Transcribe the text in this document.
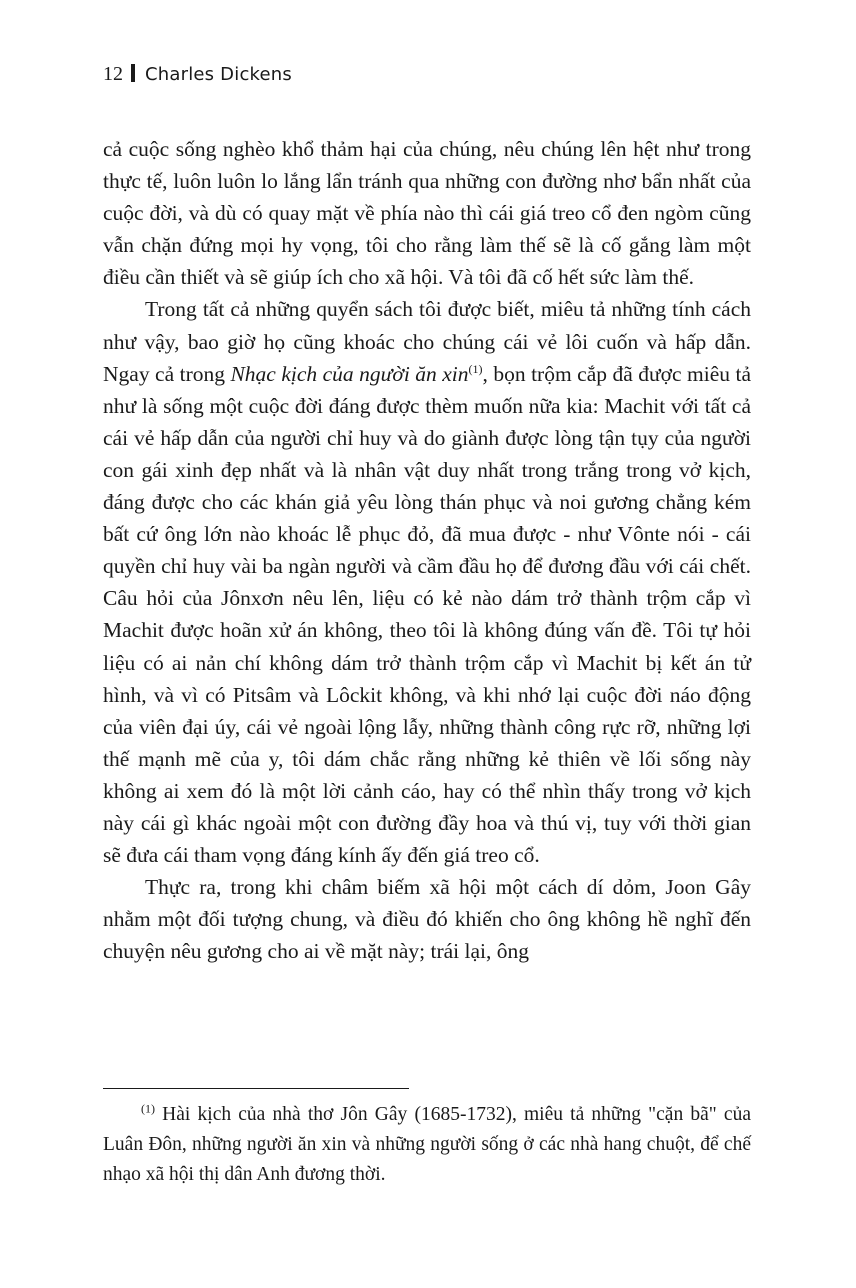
12 Charles Dickens

cả cuộc sống nghèo khổ thảm hại của chúng, nêu chúng lên hệt như trong thực tế, luôn luôn lo lắng lẩn tránh qua những con đường nhơ bẩn nhất của cuộc đời, và dù có quay mặt về phía nào thì cái giá treo cổ đen ngòm cũng vẫn chặn đứng mọi hy vọng, tôi cho rằng làm thế sẽ là cố gắng làm một điều cần thiết và sẽ giúp ích cho xã hội. Và tôi đã cố hết sức làm thế.

Trong tất cả những quyển sách tôi được biết, miêu tả những tính cách như vậy, bao giờ họ cũng khoác cho chúng cái vẻ lôi cuốn và hấp dẫn. Ngay cả trong Nhạc kịch của người ăn xin$^{(1)}$, bọn trộm cắp đã được miêu tả như là sống một cuộc đời đáng được thèm muốn nữa kia: Machit với tất cả cái vẻ hấp dẫn của người chỉ huy và do giành được lòng tận tụy của người con gái xinh đẹp nhất và là nhân vật duy nhất trong trắng trong vở kịch, đáng được cho các khán giả yêu lòng thán phục và noi gương chẳng kém bất cứ ông lớn nào khoác lễ phục đỏ, đã mua được - như Vônte nói - cái quyền chỉ huy vài ba ngàn người và cầm đầu họ để đương đầu với cái chết. Câu hỏi của Jônxơn nêu lên, liệu có kẻ nào dám trở thành trộm cắp vì Machit được hoãn xử án không, theo tôi là không đúng vấn đề. Tôi tự hỏi liệu có ai nản chí không dám trở thành trộm cắp vì Machit bị kết án tử hình, và vì có Pitsâm và Lôckit không, và khi nhớ lại cuộc đời náo động của viên đại úy, cái vẻ ngoài lộng lẫy, những thành công rực rỡ, những lợi thế mạnh mẽ của y, tôi dám chắc rằng những kẻ thiên về lối sống này không ai xem đó là một lời cảnh cáo, hay có thể nhìn thấy trong vở kịch này cái gì khác ngoài một con đường đầy hoa và thú vị, tuy với thời gian sẽ đưa cái tham vọng đáng kính ấy đến giá treo cổ.

Thực ra, trong khi châm biếm xã hội một cách dí dỏm, Joon Gây nhằm một đối tượng chung, và điều đó khiến cho ông không hề nghĩ đến chuyện nêu gương cho ai về mặt này; trái lại, ông

$^{(1)}$ Hài kịch của nhà thơ Jôn Gây (1685-1732), miêu tả những "cặn bã" của Luân Đôn, những người ăn xin và những người sống ở các nhà hang chuột, để chế nhạo xã hội thị dân Anh đương thời.
